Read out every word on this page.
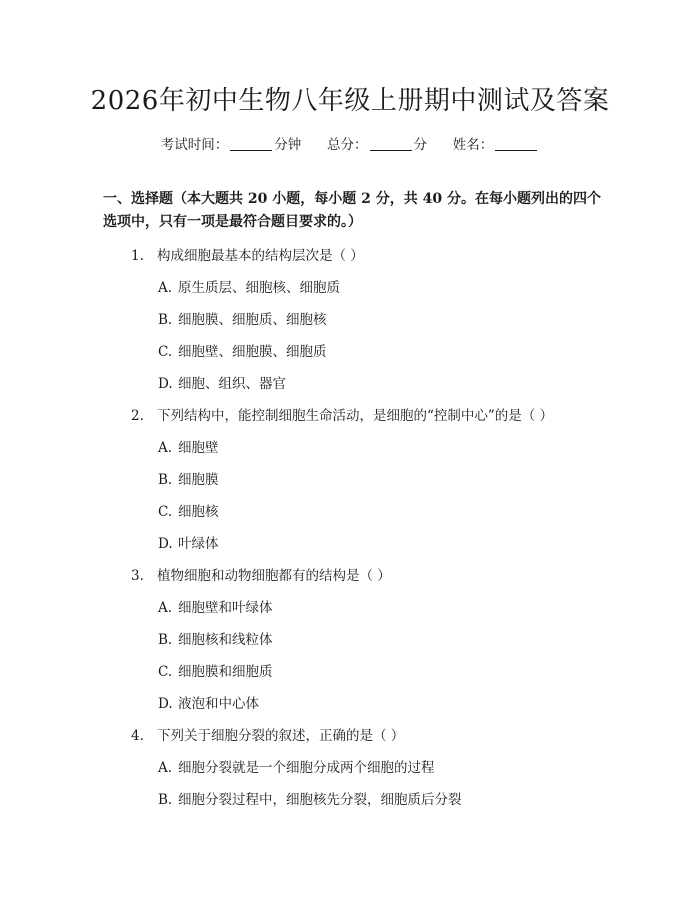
2026年初中生物八年级上册期中测试及答案
考试时间：	分钟 总分：	分 姓名：
一、选择题（本大题共 20 小题，每小题 2 分，共 40 分。在每小题列出的四个选项中，只有一项是最符合题目要求的。）
1. 构成细胞最基本的结构层次是（ ）
A. 原生质层、细胞核、细胞质
B. 细胞膜、细胞质、细胞核
C. 细胞壁、细胞膜、细胞质
D. 细胞、组织、器官
2. 下列结构中，能控制细胞生命活动，是细胞的“控制中心”的是（ ）
A. 细胞壁
B. 细胞膜
C. 细胞核
D. 叶绿体
3. 植物细胞和动物细胞都有的结构是（ ）
A. 细胞壁和叶绿体
B. 细胞核和线粒体
C. 细胞膜和细胞质
D. 液泡和中心体
4. 下列关于细胞分裂的叙述，正确的是（ ）
A. 细胞分裂就是一个细胞分成两个细胞的过程
B. 细胞分裂过程中，细胞核先分裂，细胞质后分裂
